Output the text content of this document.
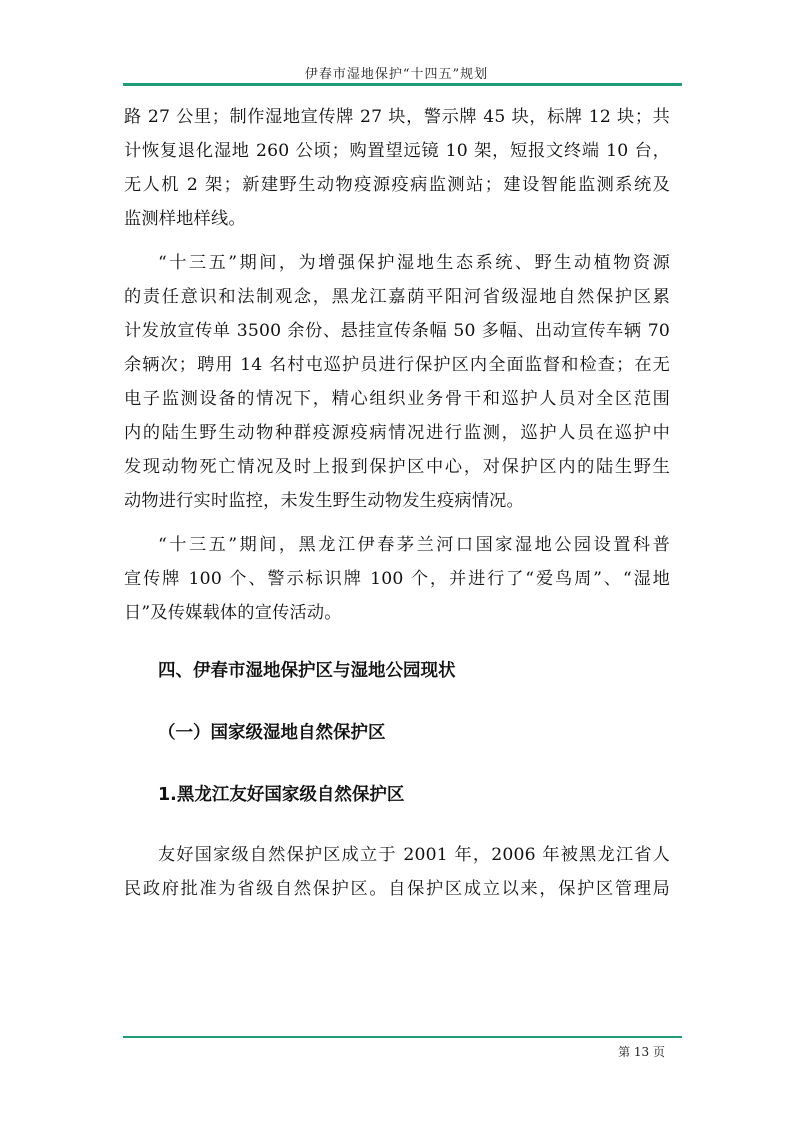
伊春市湿地保护“十四五”规划
路 27 公里；制作湿地宣传牌 27 块，警示牌 45 块，标牌 12 块；共
计恢复退化湿地 260 公顷；购置望远镜 10 架，短报文终端 10 台，
无人机 2 架；新建野生动物疫源疫病监测站；建设智能监测系统及
监测样地样线。
“十三五”期间，为增强保护湿地生态系统、野生动植物资源
的责任意识和法制观念，黑龙江嘉荫平阳河省级湿地自然保护区累
计发放宣传单 3500 余份、悬挂宣传条幅 50 多幅、出动宣传车辆 70
余辆次；聘用 14 名村屯巡护员进行保护区内全面监督和检查；在无
电子监测设备的情况下，精心组织业务骨干和巡护人员对全区范围
内的陆生野生动物种群疫源疫病情况进行监测，巡护人员在巡护中
发现动物死亡情况及时上报到保护区中心，对保护区内的陆生野生
动物进行实时监控，未发生野生动物发生疫病情况。
“十三五”期间，黑龙江伊春茅兰河口国家湿地公园设置科普
宣传牌 100 个、警示标识牌 100 个，并进行了“爱鸟周”、“湿地
日”及传媒载体的宣传活动。
四、伊春市湿地保护区与湿地公园现状
（一）国家级湿地自然保护区
1.黑龙江友好国家级自然保护区
友好国家级自然保护区成立于 2001 年，2006 年被黑龙江省人
民政府批准为省级自然保护区。自保护区成立以来，保护区管理局
第 13 页
